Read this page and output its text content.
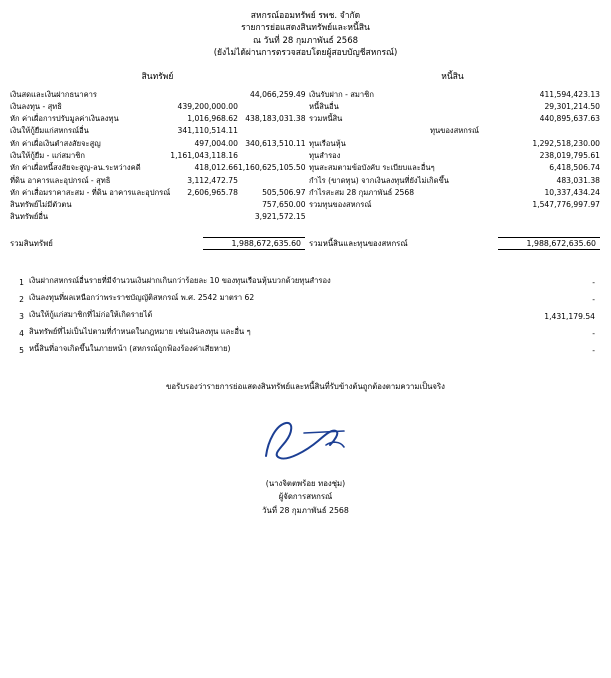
สหกรณ์ออมทรัพย์ รพช. จำกัด
รายการย่อแสดงสินทรัพย์และหนี้สิน
ณ วันที่ 28 กุมภาพันธ์ 2568
(ยังไม่ได้ผ่านการตรวจสอบโดยผู้สอบบัญชีสหกรณ์)
สินทรัพย์
เงินสดและเงินฝากธนาคาร		44,066,259.49
เงินลงทุน - สุทธิ	439,200,000.00	
หัก ค่าเผื่อการปรับมูลค่าเงินลงทุน	1,016,968.62	438,183,031.38
เงินให้กู้ยืมแก่สหกรณ์อื่น	341,110,514.11	
หัก ค่าเผื่อเงินตำสงสัยจะสูญ	497,004.00	340,613,510.11
เงินให้กู้ยืม - แก่สมาชิก	1,161,043,118.16	
หัก ค่าเผื่อหนี้สงสัยจะสูญ-ลน.ระหว่างคดี	418,012.66	1,160,625,105.50
ที่ดิน อาคารและอุปกรณ์ - สุทธิ	3,112,472.75	
หัก ค่าเสื่อมราคาสะสม - ที่ดิน อาคารและอุปกรณ์	2,606,965.78	505,506.97
สินทรัพย์ไม่มีตัวตน		757,650.00
สินทรัพย์อื่น		3,921,572.15
หนี้สิน
เงินรับฝาก - สมาชิก		411,594,423.13
หนี้สินอื่น		29,301,214.50
รวมหนี้สิน		440,895,637.63
ทุนของสหกรณ์		
ทุนเรือนหุ้น		1,292,518,230.00
ทุนสำรอง		238,019,795.61
ทุนสะสมตามข้อบังคับ ระเบียบและอื่นๆ		6,418,506.74
กำไร (ขาดทุน) จากเงินลงทุนที่ยังไม่เกิดขึ้น		483,031.38
กำไรสะสม 28 กุมภาพันธ์ 2568		10,337,434.24
รวมทุนของสหกรณ์		1,547,776,997.97
รวมสินทรัพย์	1,988,672,635.60	รวมหนี้สินและทุนของสหกรณ์	1,988,672,635.60
1 เงินฝากสหกรณ์อื่นรายที่มีจำนวนเงินฝากเกินกว่าร้อยละ 10 ของทุนเรือนหุ้นบวกด้วยทุนสำรอง	-
2 เงินลงทุนที่ผลเหนือกว่าพระราชบัญญัติสหกรณ์ พ.ศ. 2542 มาตรา 62	-
3 เงินให้กู้แก่สมาชิกที่ไม่ก่อให้เกิดรายได้	1,431,179.54
4 สินทรัพย์ที่ไม่เป็นไปตามที่กำหนดในกฎหมาย เช่นเงินลงทุน และอื่น ๆ	-
5 หนี้สินที่อาจเกิดขึ้นในภายหน้า (สหกรณ์ถูกฟ้องร้องค่าเสียหาย)	-
ขอรับรองว่ารายการย่อแสดงสินทรัพย์และหนี้สินที่รับข้างต้นถูกต้องตามความเป็นจริง
(นางจิตตพร้อย ทองชุ่ม)
ผู้จัดการสหกรณ์
วันที่ 28 กุมภาพันธ์ 2568
